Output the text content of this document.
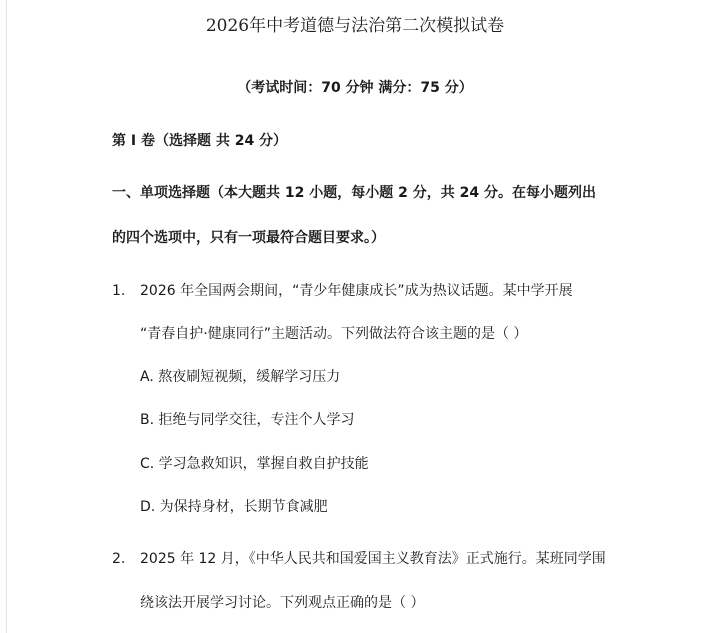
2026年中考道德与法治第二次模拟试卷
（考试时间：70 分钟 满分：75 分）
第 I 卷（选择题 共 24 分）
一、单项选择题（本大题共 12 小题，每小题 2 分，共 24 分。在每小题列出
的四个选项中，只有一项最符合题目要求。）
1. 2026 年全国两会期间，“青少年健康成长”成为热议话题。某中学开展
“青春自护·健康同行”主题活动。下列做法符合该主题的是（ ）
A. 熬夜刷短视频，缓解学习压力
B. 拒绝与同学交往，专注个人学习
C. 学习急救知识，掌握自救自护技能
D. 为保持身材，长期节食减肥
2. 2025 年 12 月，《中华人民共和国爱国主义教育法》正式施行。某班同学围
绕该法开展学习讨论。下列观点正确的是（ ）
